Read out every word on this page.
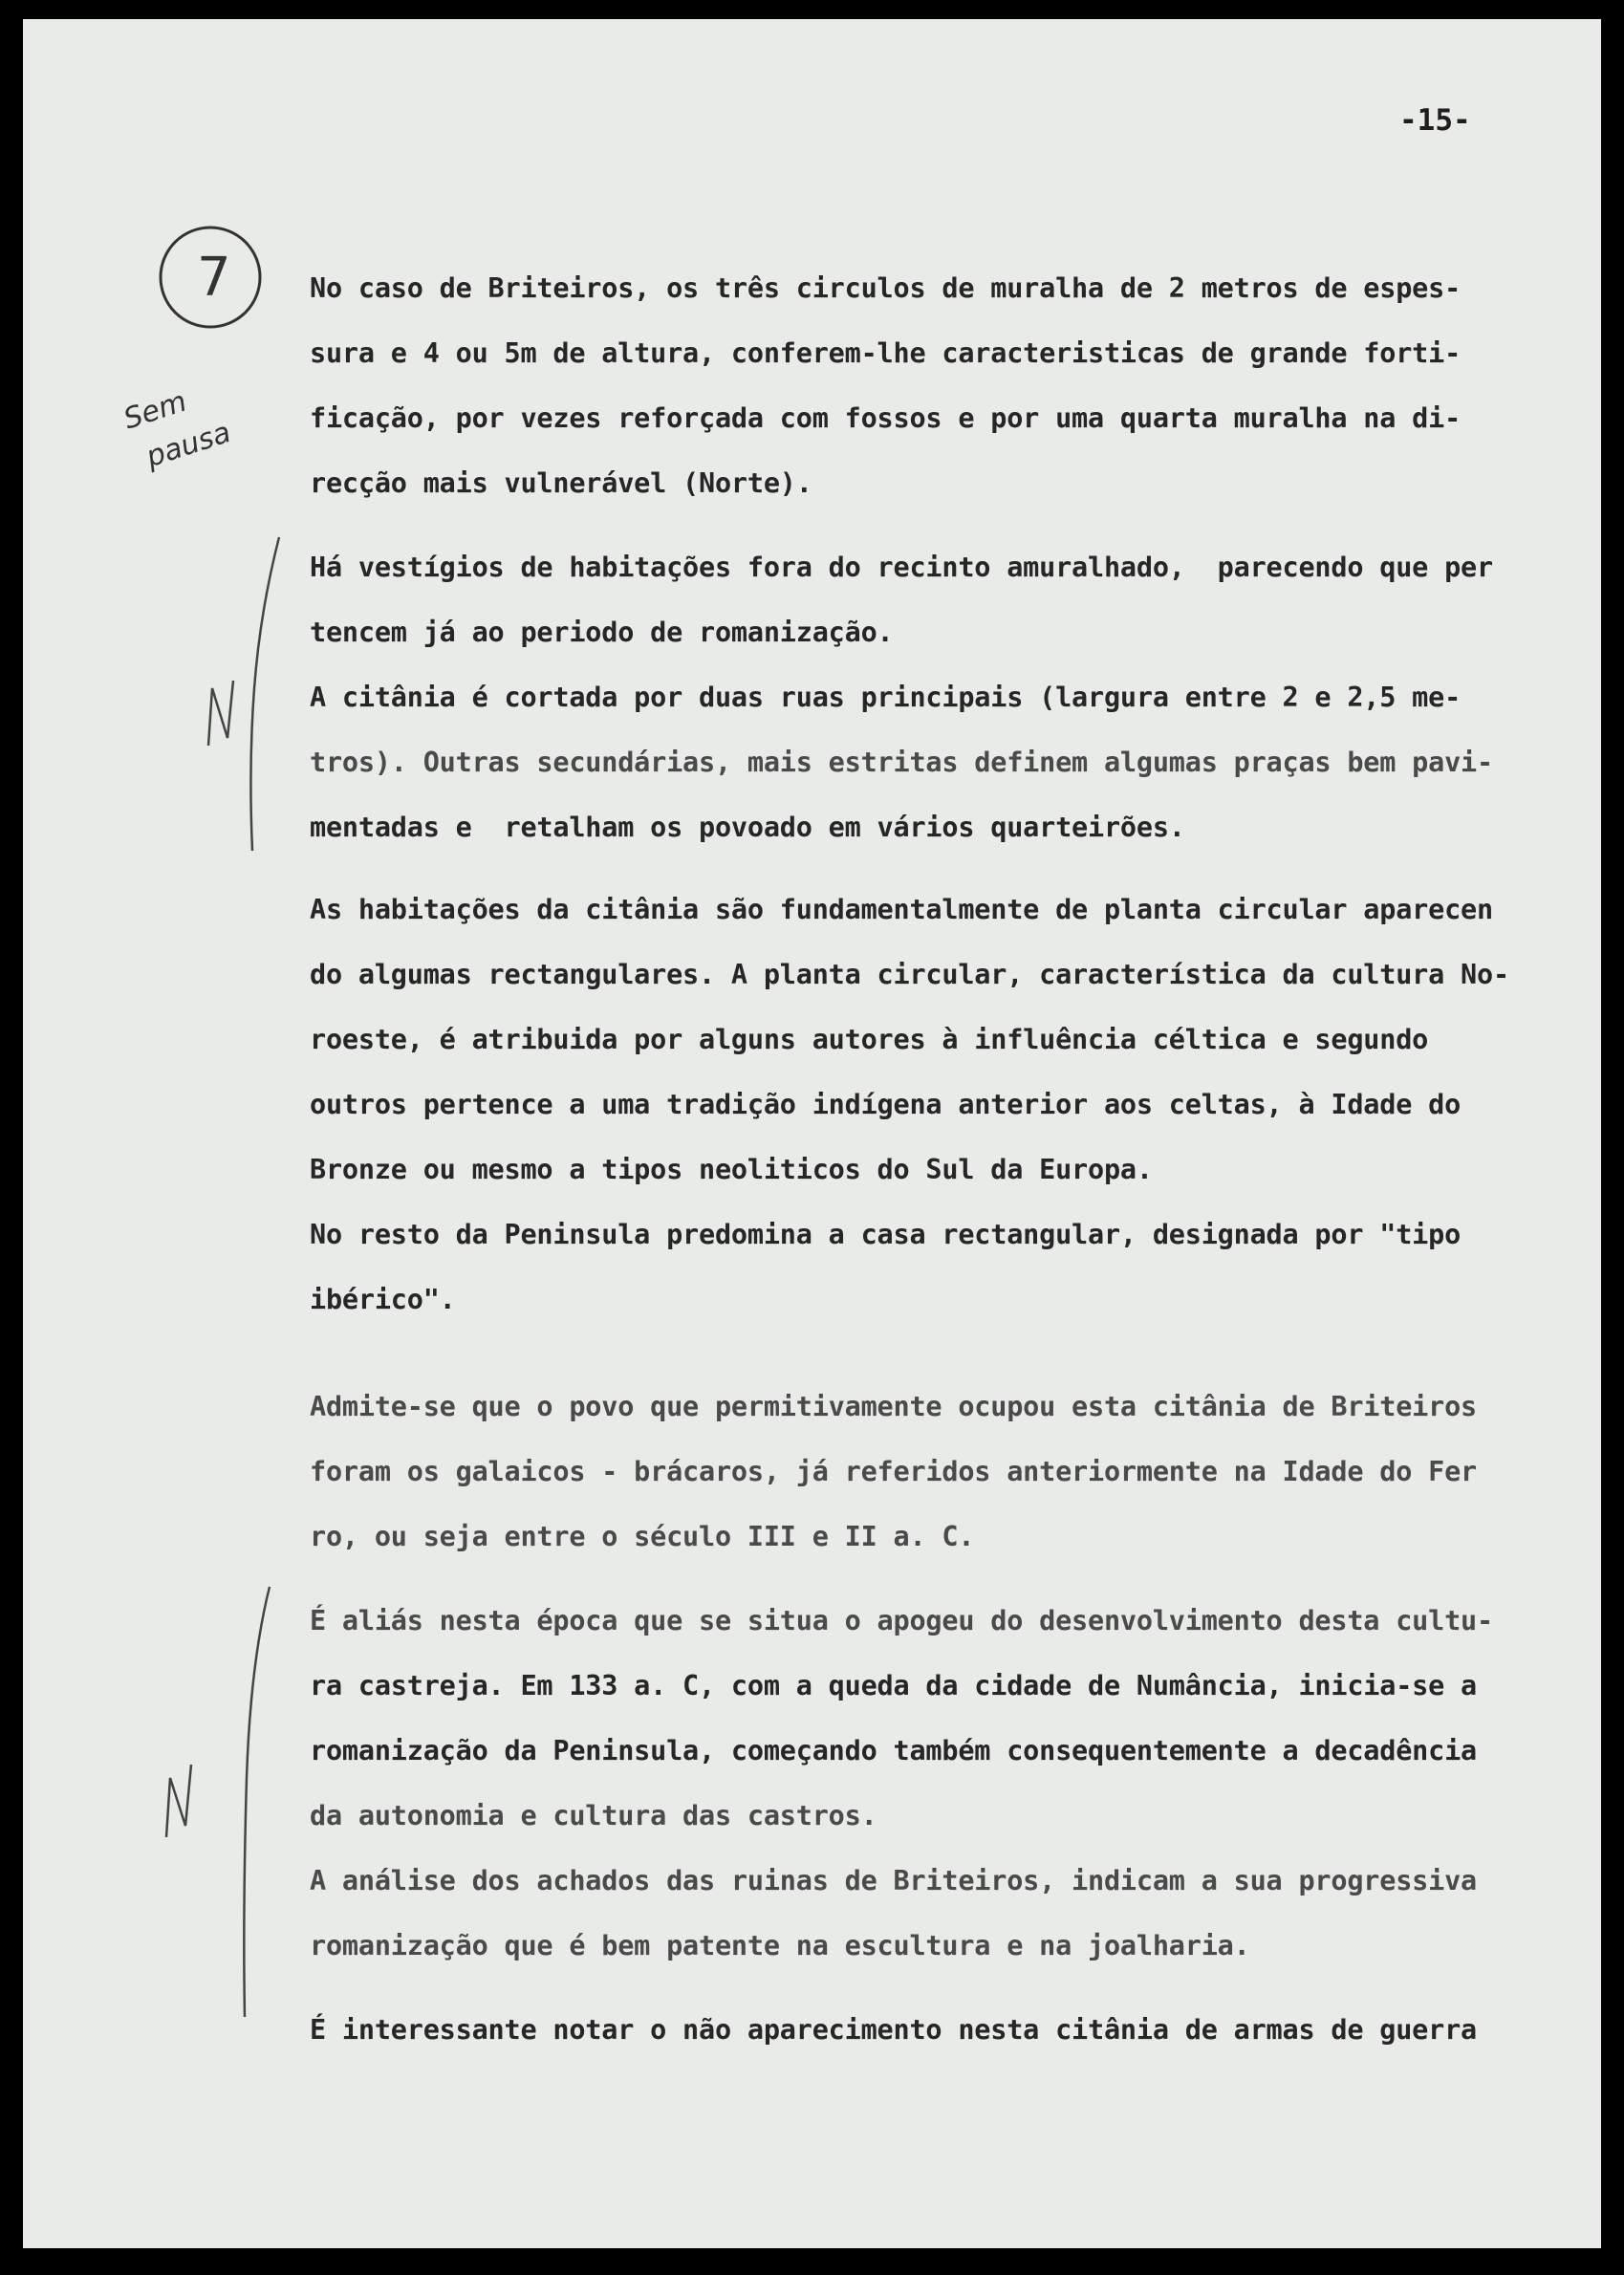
7
Sem
pausa
-15-
No caso de Briteiros, os três circulos de muralha de 2 metros de espes-
sura e 4 ou 5m de altura, conferem-lhe caracteristicas de grande forti-
ficação, por vezes reforçada com fossos e por uma quarta muralha na di-
recção mais vulnerável (Norte).
Há vestígios de habitações fora do recinto amuralhado,  parecendo que per
tencem já ao periodo de romanização.
A citânia é cortada por duas ruas principais (largura entre 2 e 2,5 me-
tros). Outras secundárias, mais estritas definem algumas praças bem pavi-
mentadas e  retalham os povoado em vários quarteirões.
As habitações da citânia são fundamentalmente de planta circular aparecen
do algumas rectangulares. A planta circular, característica da cultura No-
roeste, é atribuida por alguns autores à influência céltica e segundo
outros pertence a uma tradição indígena anterior aos celtas, à Idade do
Bronze ou mesmo a tipos neoliticos do Sul da Europa.
No resto da Peninsula predomina a casa rectangular, designada por "tipo
ibérico".
Admite-se que o povo que permitivamente ocupou esta citânia de Briteiros
foram os galaicos - brácaros, já referidos anteriormente na Idade do Fer
ro, ou seja entre o século III e II a. C.
É aliás nesta época que se situa o apogeu do desenvolvimento desta cultu-
ra castreja. Em 133 a. C, com a queda da cidade de Numância, inicia-se a
romanização da Peninsula, começando também consequentemente a decadência
da autonomia e cultura das castros.
A análise dos achados das ruinas de Briteiros, indicam a sua progressiva
romanização que é bem patente na escultura e na joalharia.
É interessante notar o não aparecimento nesta citânia de armas de guerra
